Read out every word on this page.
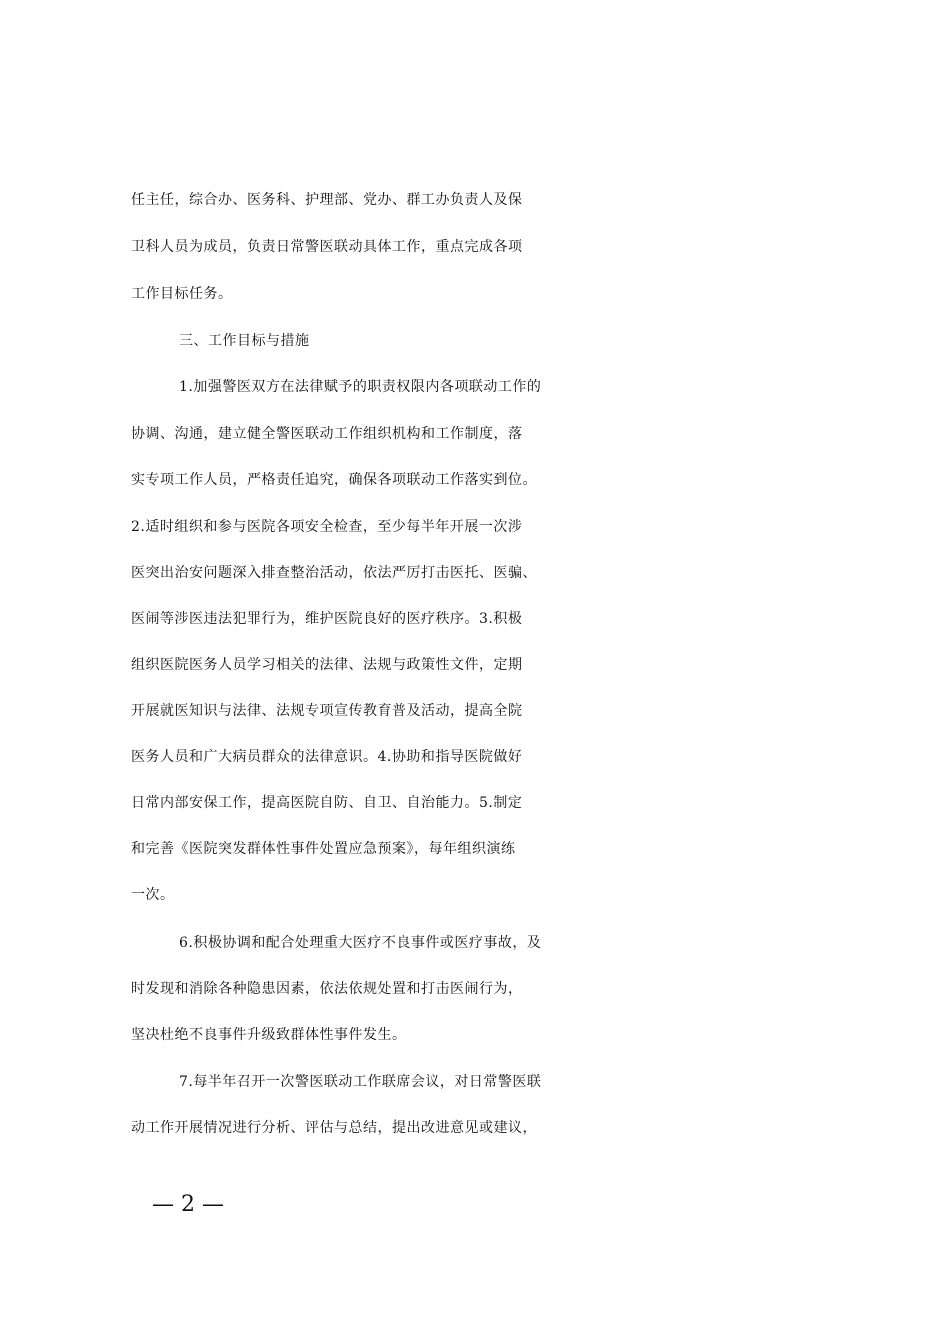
任主任，综合办、医务科、护理部、党办、群工办负责人及保
卫科人员为成员，负责日常警医联动具体工作，重点完成各项
工作目标任务。
三、工作目标与措施
1.加强警医双方在法律赋予的职责权限内各项联动工作的
协调、沟通，建立健全警医联动工作组织机构和工作制度，落
实专项工作人员，严格责任追究，确保各项联动工作落实到位。
2.适时组织和参与医院各项安全检查，至少每半年开展一次涉
医突出治安问题深入排查整治活动，依法严厉打击医托、医骗、
医闹等涉医违法犯罪行为，维护医院良好的医疗秩序。3.积极
组织医院医务人员学习相关的法律、法规与政策性文件，定期
开展就医知识与法律、法规专项宣传教育普及活动，提高全院
医务人员和广大病员群众的法律意识。4.协助和指导医院做好
日常内部安保工作，提高医院自防、自卫、自治能力。5.制定
和完善《医院突发群体性事件处置应急预案》，每年组织演练
一次。
6.积极协调和配合处理重大医疗不良事件或医疗事故，及
时发现和消除各种隐患因素，依法依规处置和打击医闹行为，
坚决杜绝不良事件升级致群体性事件发生。
7.每半年召开一次警医联动工作联席会议，对日常警医联
动工作开展情况进行分析、评估与总结，提出改进意见或建议，
— 2 —
